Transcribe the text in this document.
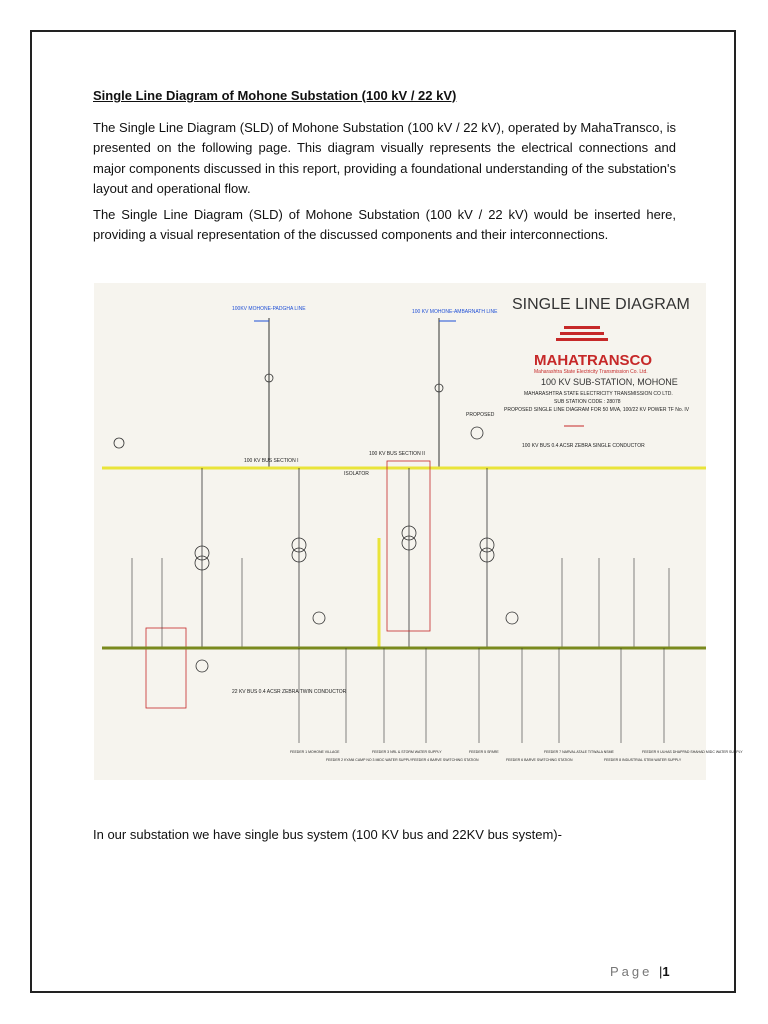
Single Line Diagram of Mohone Substation (100 kV / 22 kV)
The Single Line Diagram (SLD) of Mohone Substation (100 kV / 22 kV), operated by MahaTransco, is presented on the following page. This diagram visually represents the electrical connections and major components discussed in this report, providing a foundational understanding of the substation's layout and operational flow.
The Single Line Diagram (SLD) of Mohone Substation (100 kV / 22 kV) would be inserted here, providing a visual representation of the discussed components and their interconnections.
SINGLE LINE DIAGRAM
MAHATRANSCO
Maharashtra State Electricity Transmission Co. Ltd.
100 KV SUB-STATION, MOHONE
MAHARASHTRA STATE ELECTRICITY TRANSMISSION CO LTD.
SUB STATION CODE : 28078
PROPOSED SINGLE LINE DIAGRAM FOR 50 MVA, 100/22 KV POWER TF No. IV
100KV MOHONE-PADGHA LINE	100 KV MOHONE-AMBARNATH LINE
PROPOSED
100 KV BUS 0.4 ACSR ZEBRA SINGLE CONDUCTOR
100 KV BUS SECTION I
100 KV BUS SECTION II
ISOLATOR
22 KV BUS 0.4 ACSR ZEBRA TWIN CONDUCTOR
FEEDER 1 MOHONE VILLAGE
FEEDER 2 KYANI CAMP NO 3 MIDC WATER SUPPLY
FEEDER 3 NRL & STORM WATER SUPPLY
FEEDER 4 BARVE SWITCHING STATION
FEEDER 5 SPARE
FEEDER 6 BARVE SWITCHING STATION
FEEDER 7 NARVAL ATALE TITWALA NSME
FEEDER 8 INDUSTRIAL STEM WATER SUPPLY
FEEDER 9 ULHAS DHAPPAD SHAHAD MIDC WATER SUPPLY
In our substation we have single bus system (100 KV bus and 22KV bus system)-
Page |1
